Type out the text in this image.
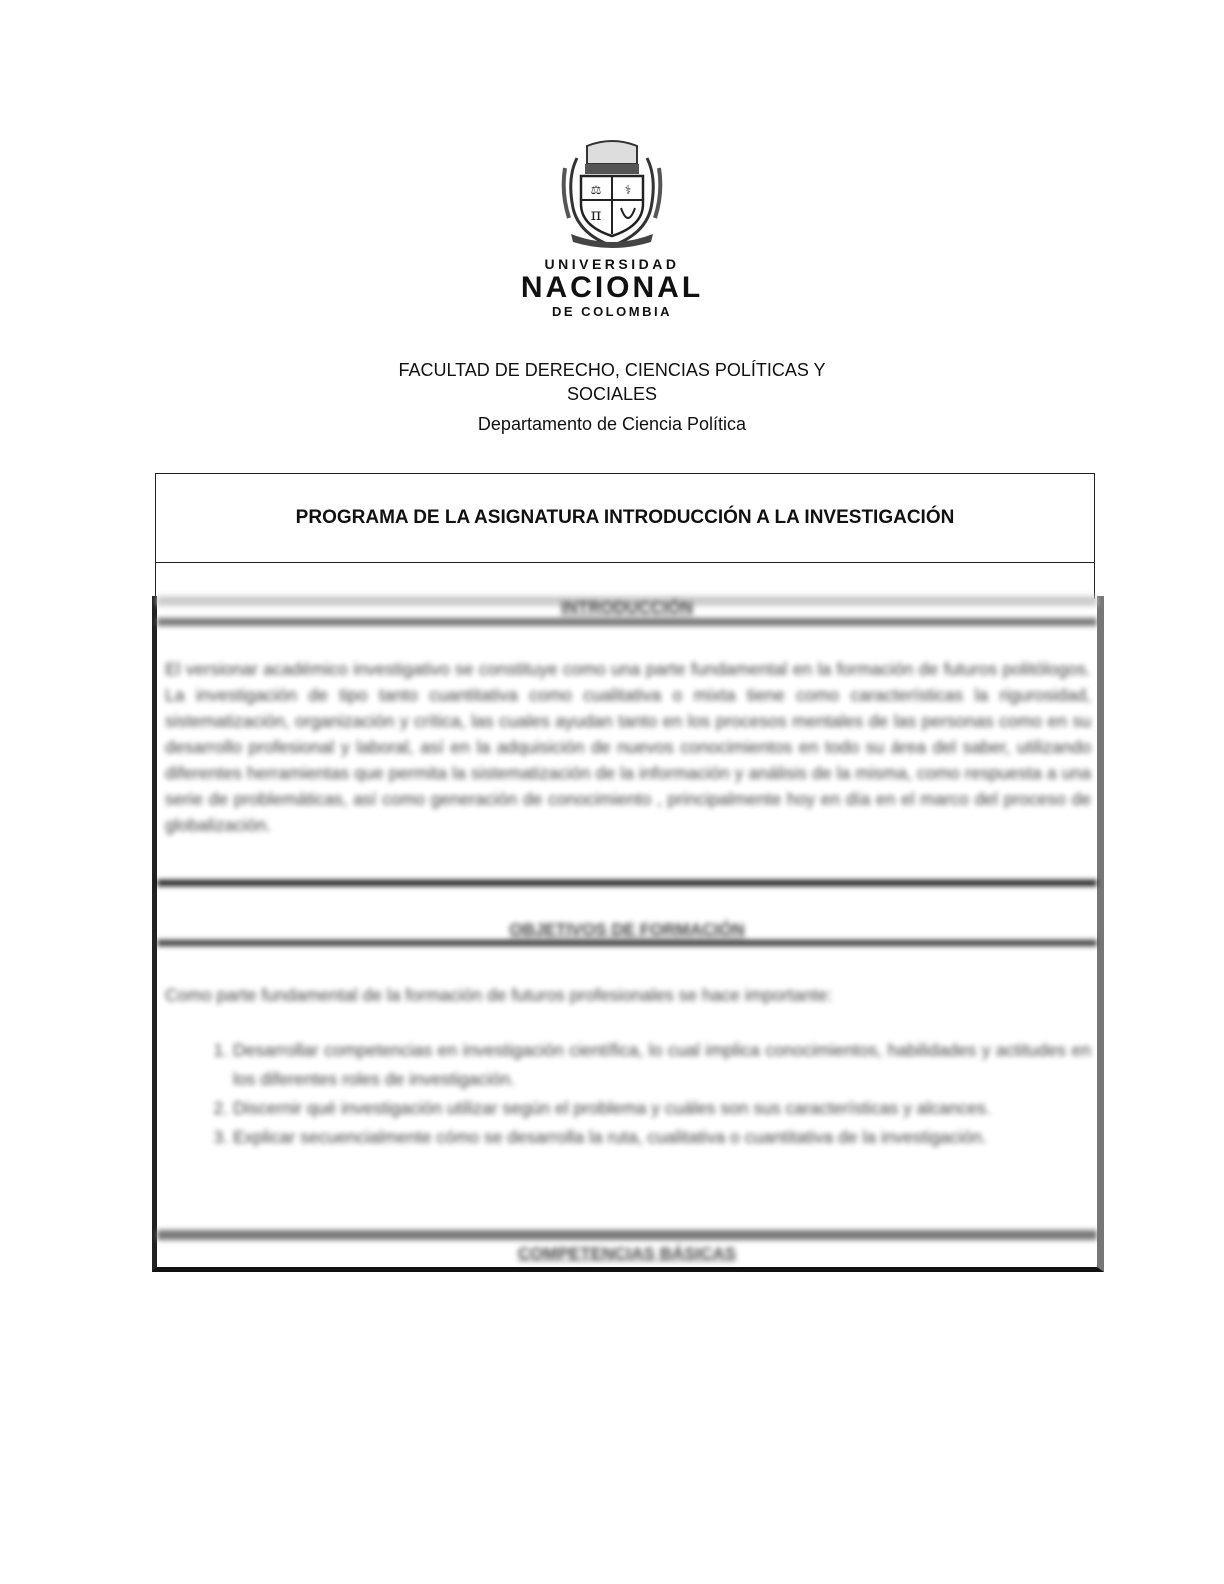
⚖ ⚕
π
UNIVERSIDAD
NACIONAL
DE COLOMBIA
FACULTAD DE DERECHO, CIENCIAS POLÍTICAS Y
SOCIALES
Departamento de Ciencia Política
PROGRAMA DE LA ASIGNATURA INTRODUCCIÓN A LA INVESTIGACIÓN
INTRODUCCIÓN
El versionar académico investigativo se constituye como una parte fundamental en la formación de futuros politólogos. La investigación de tipo tanto cuantitativa como cualitativa o mixta tiene como características la rigurosidad, sistematización, organización y crítica, las cuales ayudan tanto en los procesos mentales de las personas como en su desarrollo profesional y laboral, así en la adquisición de nuevos conocimientos en todo su área del saber, utilizando diferentes herramientas que permita la sistematización de la información y análisis de la misma, como respuesta a una serie de problemáticas, así como generación de conocimiento , principalmente hoy en día en el marco del proceso de globalización.
OBJETIVOS DE FORMACIÓN
Como parte fundamental de la formación de futuros profesionales se hace importante:
1. Desarrollar competencias en investigación científica, lo cual implica conocimientos, habilidades y actitudes en los diferentes roles de investigación.
2. Discernir qué investigación utilizar según el problema y cuáles son sus características y alcances.
3. Explicar secuencialmente cómo se desarrolla la ruta, cualitativa o cuantitativa de la investigación.
COMPETENCIAS BÁSICAS
